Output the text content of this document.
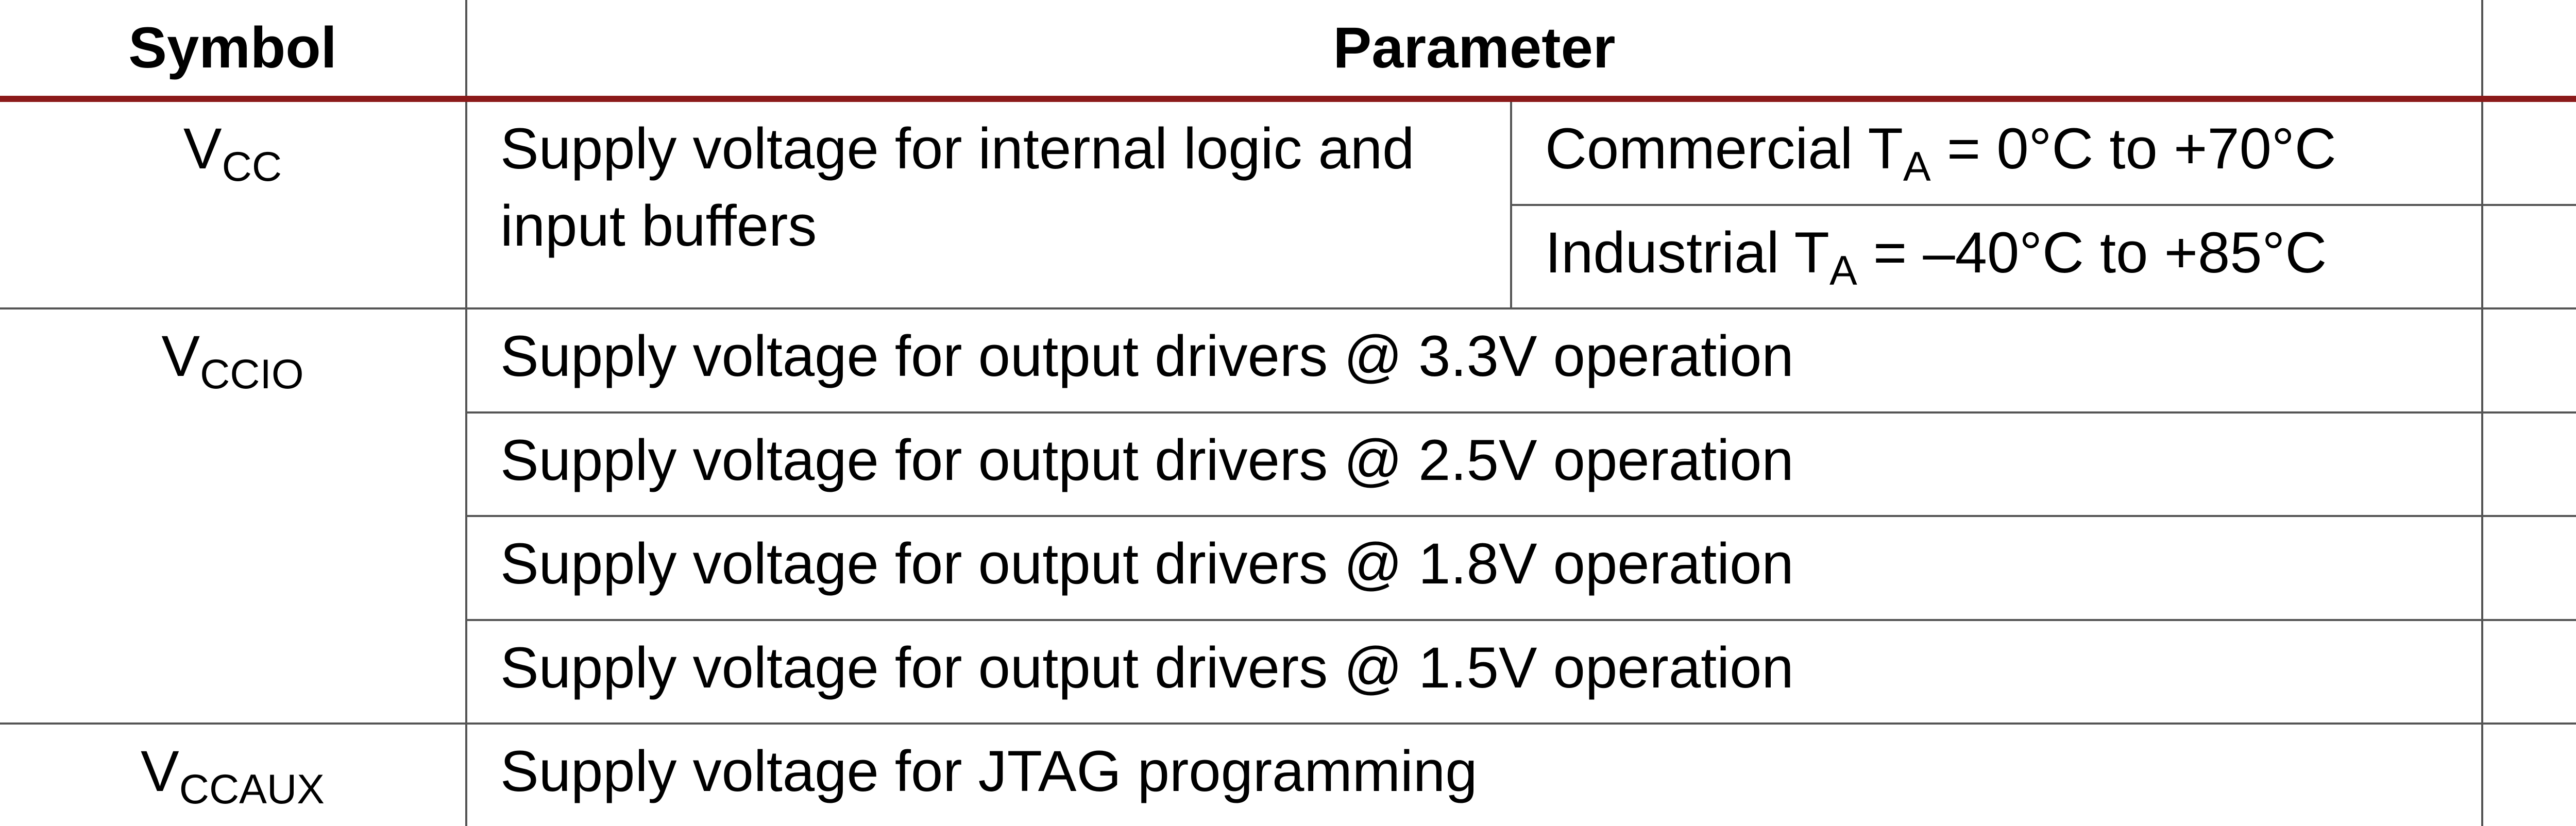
Symbol	Parameter			
$V_{CC}$	Supply voltage for internal logic and input buffers	Commercial $T_A = 0^\circ C$ to +70°C			
		Industrial $T_A = -40^\circ C$ to +85°C			
$V_{CCIO}$	Supply voltage for output drivers @ 3.3V operation			
	Supply voltage for output drivers @ 2.5V operation			
	Supply voltage for output drivers @ 1.8V operation			
	Supply voltage for output drivers @ 1.5V operation			
$V_{CCAUX}$	Supply voltage for JTAG programming			
